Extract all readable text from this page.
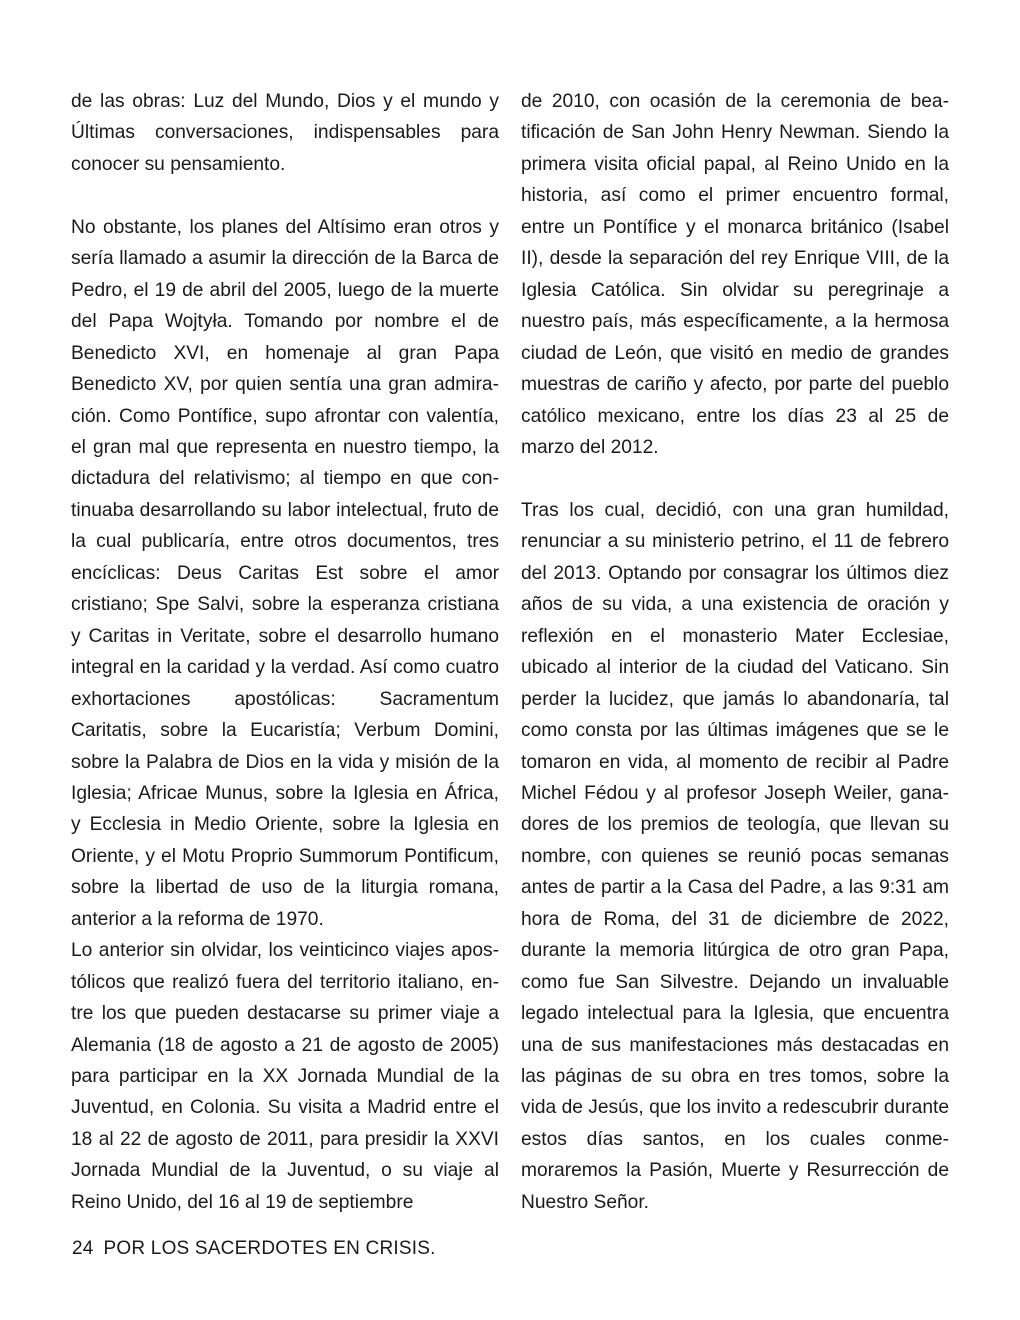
de las obras: Luz del Mundo, Dios y el mundo y Últimas conversaciones, indispensables para conocer su pensamiento.

No obstante, los planes del Altísimo eran otros y sería llamado a asumir la dirección de la Barca de Pedro, el 19 de abril del 2005, luego de la muerte del Papa Wojtyła. Tomando por nombre el de Benedicto XVI, en homenaje al gran Papa Benedicto XV, por quien sentía una gran admiración. Como Pontífice, supo afrontar con valentía, el gran mal que representa en nuestro tiempo, la dictadura del relativismo; al tiempo en que continuaba desarrollando su labor intelectual, fruto de la cual publicaría, entre otros documentos, tres encíclicas: Deus Caritas Est sobre el amor cristiano; Spe Salvi, sobre la esperanza cristiana y Caritas in Veritate, sobre el desarrollo humano integral en la caridad y la verdad. Así como cuatro exhortaciones apostólicas: Sacramentum Caritatis, sobre la Eucaristía; Verbum Domini, sobre la Palabra de Dios en la vida y misión de la Iglesia; Africae Munus, sobre la Iglesia en África, y Ecclesia in Medio Oriente, sobre la Iglesia en Oriente, y el Motu Proprio Summorum Pontificum, sobre la libertad de uso de la liturgia romana, anterior a la reforma de 1970.

Lo anterior sin olvidar, los veinticinco viajes apostólicos que realizó fuera del territorio italiano, entre los que pueden destacarse su primer viaje a Alemania (18 de agosto a 21 de agosto de 2005) para participar en la XX Jornada Mundial de la Juventud, en Colonia. Su visita a Madrid entre el 18 al 22 de agosto de 2011, para presidir la XXVI Jornada Mundial de la Juventud, o su viaje al Reino Unido, del 16 al 19 de septiembre

de 2010, con ocasión de la ceremonia de beatificación de San John Henry Newman. Siendo la primera visita oficial papal, al Reino Unido en la historia, así como el primer encuentro formal, entre un Pontífice y el monarca británico (Isabel II), desde la separación del rey Enrique VIII, de la Iglesia Católica. Sin olvidar su peregrinaje a nuestro país, más específicamente, a la hermosa ciudad de León, que visitó en medio de grandes muestras de cariño y afecto, por parte del pueblo católico mexicano, entre los días 23 al 25 de marzo del 2012.

Tras los cual, decidió, con una gran humildad, renunciar a su ministerio petrino, el 11 de febrero del 2013. Optando por consagrar los últimos diez años de su vida, a una existencia de oración y reflexión en el monasterio Mater Ecclesiae, ubicado al interior de la ciudad del Vaticano. Sin perder la lucidez, que jamás lo abandonaría, tal como consta por las últimas imágenes que se le tomaron en vida, al momento de recibir al Padre Michel Fédou y al profesor Joseph Weiler, ganadores de los premios de teología, que llevan su nombre, con quienes se reunió pocas semanas antes de partir a la Casa del Padre, a las 9:31 am hora de Roma, del 31 de diciembre de 2022, durante la memoria litúrgica de otro gran Papa, como fue San Silvestre. Dejando un invaluable legado intelectual para la Iglesia, que encuentra una de sus manifestaciones más destacadas en las páginas de su obra en tres tomos, sobre la vida de Jesús, que los invito a redescubrir durante estos días santos, en los cuales conmemoraremos la Pasión, Muerte y Resurrección de Nuestro Señor.

24 POR LOS SACERDOTES EN CRISIS.
